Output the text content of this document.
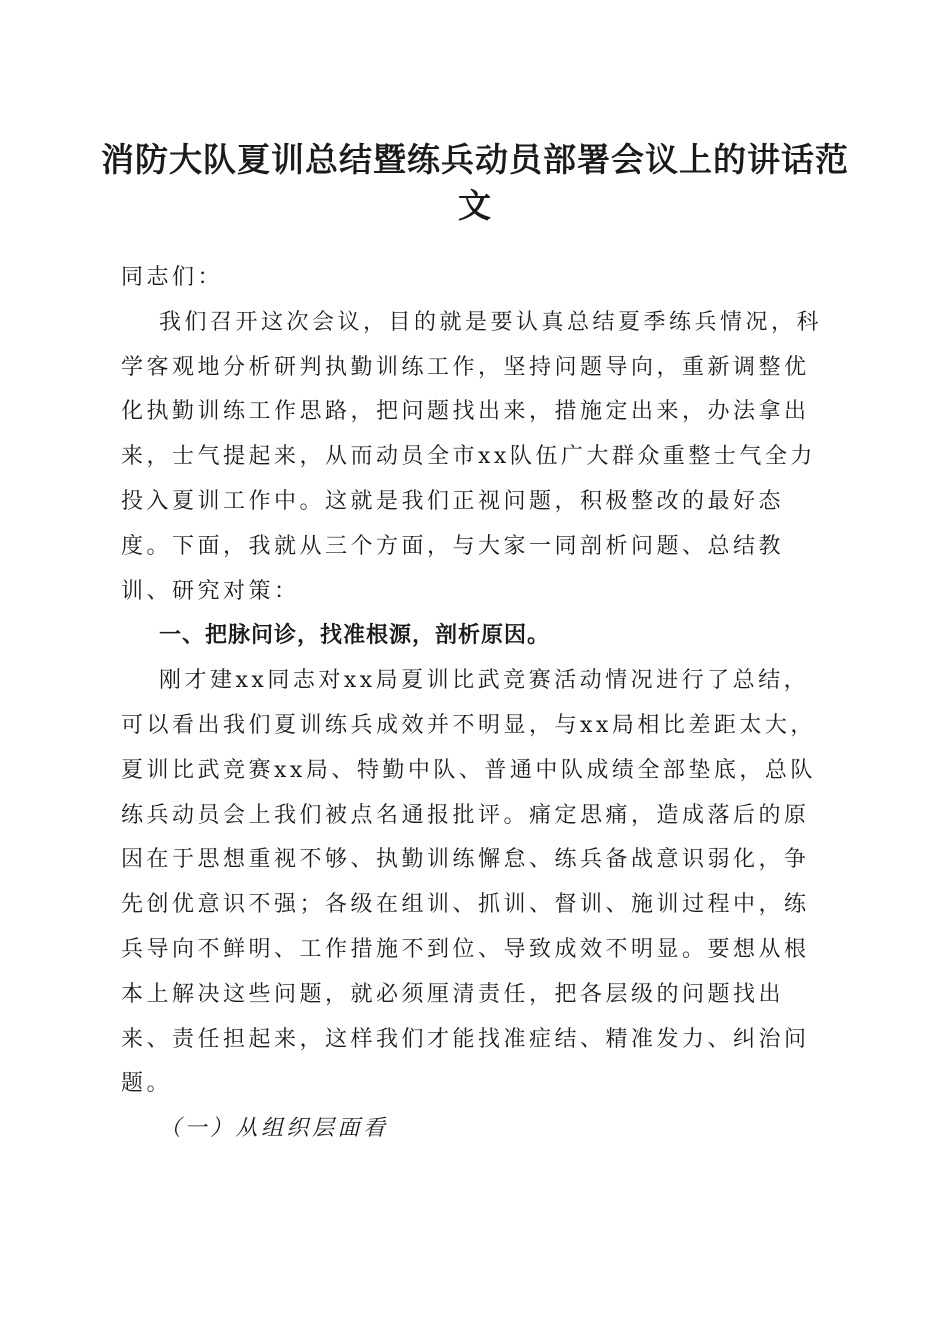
消防大队夏训总结暨练兵动员部署会议上的讲话范文

同志们：

我们召开这次会议，目的就是要认真总结夏季练兵情况，科学客观地分析研判执勤训练工作，坚持问题导向，重新调整优化执勤训练工作思路，把问题找出来，措施定出来，办法拿出来，士气提起来，从而动员全市xx队伍广大群众重整士气全力投入夏训工作中。这就是我们正视问题，积极整改的最好态度。下面，我就从三个方面，与大家一同剖析问题、总结教训、研究对策：

一、把脉问诊，找准根源，剖析原因。

刚才建xx同志对xx局夏训比武竞赛活动情况进行了总结，可以看出我们夏训练兵成效并不明显，与xx局相比差距太大，夏训比武竞赛xx局、特勤中队、普通中队成绩全部垫底，总队练兵动员会上我们被点名通报批评。痛定思痛，造成落后的原因在于思想重视不够、执勤训练懈怠、练兵备战意识弱化，争先创优意识不强；各级在组训、抓训、督训、施训过程中，练兵导向不鲜明、工作措施不到位、导致成效不明显。要想从根本上解决这些问题，就必须厘清责任，把各层级的问题找出来、责任担起来，这样我们才能找准症结、精准发力、纠治问题。

（一）从组织层面看
